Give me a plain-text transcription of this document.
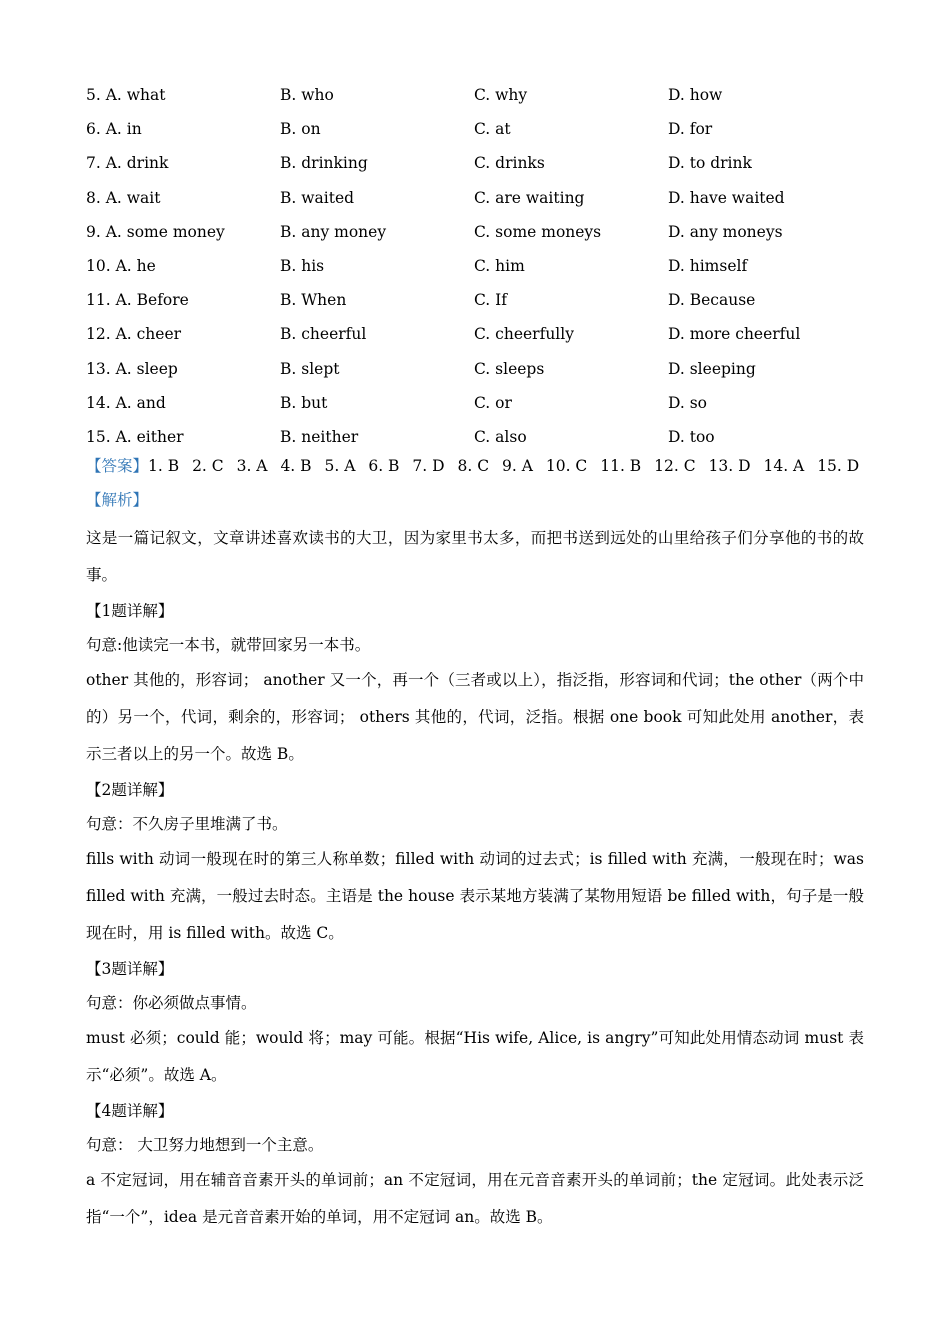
5. A. what	B. who	C. why	D. how
6. A. in	B. on	C. at	D. for
7. A. drink	B. drinking	C. drinks	D. to drink
8. A. wait	B. waited	C. are waiting	D. have waited
9. A. some money	B. any money	C. some moneys	D. any moneys
10. A. he	B. his	C. him	D. himself
11. A. Before	B. When	C. If	D. Because
12. A. cheer	B. cheerful	C. cheerfully	D. more cheerful
13. A. sleep	B. slept	C. sleeps	D. sleeping
14. A. and	B. but	C. or	D. so
15. A. either	B. neither	C. also	D. too
【答案】1. B 2. C 3. A 4. B 5. A 6. B 7. D 8. C 9. A 10. C 11. B 12. C 13. D 14. A 15. D
【解析】

这是一篇记叙文，文章讲述喜欢读书的大卫，因为家里书太多，而把书送到远处的山里给孩子们分享他的书的故事。

【1题详解】

句意:他读完一本书，就带回家另一本书。

other 其他的，形容词； another 又一个，再一个（三者或以上），指泛指，形容词和代词；the other（两个中的）另一个，代词，剩余的，形容词； others 其他的，代词，泛指。根据 one book 可知此处用 another，表示三者以上的另一个。故选 B。

【2题详解】

句意：不久房子里堆满了书。

fills with 动词一般现在时的第三人称单数；filled with 动词的过去式；is filled with 充满，一般现在时；was filled with 充满，一般过去时态。主语是 the house 表示某地方装满了某物用短语 be filled with，句子是一般现在时，用 is filled with。故选 C。

【3题详解】

句意：你必须做点事情。

must 必须；could 能；would 将；may 可能。根据“His wife, Alice, is angry”可知此处用情态动词 must 表示“必须”。故选 A。

【4题详解】

句意： 大卫努力地想到一个主意。

a 不定冠词，用在辅音音素开头的单词前；an 不定冠词，用在元音音素开头的单词前；the 定冠词。此处表示泛指“一个”，idea 是元音音素开始的单词，用不定冠词 an。故选 B。
